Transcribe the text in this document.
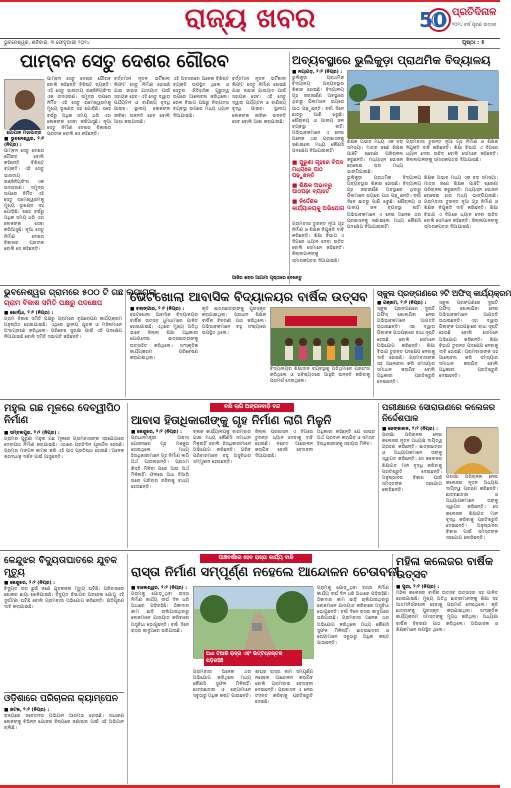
ରାଜ୍ୟ ଖବର	50 ପ୍ରତିଦିନାଳ
୨୦୨୪ ବର୍ଷ ପୂରଣ ଉତ୍ସବ
ଭୁବନେଶ୍ୱର, ଶନିବାର, ୩ ଫେବୃଆରୀ ୨୦୨୪	ପୃଷ୍ଠା : ୫
ପାମ୍ବନ ସେତୁ ଦେଶର ଗୌରବ
ଗୋପାଳ ମହାପାତ୍ର
■ ଭୁବନେଶ୍ୱର, ୨।୨ (ନିପ୍ର) :
ପାମ୍ବନ ସେତୁ ଦେଶର ଗୌରବ ବୋଲି କହିଛନ୍ତି ବିଶିଷ୍ଟ ବ୍ୟକ୍ତି। ଏହି ସେତୁ ଭାରତୀୟ ଇଞ୍ଜିନିୟରିଂର ଏକ ଉଦାହରଣ। ସମୁଦ୍ର ଉପରେ ନିର୍ମିତ ଏହି ସେତୁ ରାମେଶ୍ୱରମକୁ ମୁଖ୍ୟ ଭୂଖଣ୍ଡ ସହ ଯୋଡ଼ିଛି। ଶହେ ବର୍ଷରୁ ଅଧିକ ସମୟ ଧରି ଏହା ଲୋକଙ୍କ ସେବା କରିଆସୁଛି। ନୂଆ ସେତୁ ନିର୍ମାଣ ଦେଶର ବିକାଶର ପ୍ରତୀକ ବୋଲି ସେ କହିଛନ୍ତି।
ପାମ୍ବନ ସେତୁ ଦେଶର ଗୌରବ ବୋଲି କହିଛନ୍ତି ବିଶିଷ୍ଟ ବ୍ୟକ୍ତି। ଏହି ସେତୁ ଭାରତୀୟ ଇଞ୍ଜିନିୟରିଂର ଏକ ଉଦାହରଣ। ସମୁଦ୍ର ଉପରେ ନିର୍ମିତ ଏହି ସେତୁ ରାମେଶ୍ୱରମକୁ ମୁଖ୍ୟ ଭୂଖଣ୍ଡ ସହ ଯୋଡ଼ିଛି। ଶହେ ବର୍ଷରୁ ଅଧିକ ସମୟ ଧରି ଏହା ଲୋକଙ୍କ ସେବା କରିଆସୁଛି। ନୂଆ ସେତୁ ନିର୍ମାଣ ଦେଶର ବିକାଶର ପ୍ରତୀକ ବୋଲି ସେ କହିଛନ୍ତି।
ବର୍ତ୍ତମାନ ନୂତନ ଭର୍ଟିକାଲ ଲିଫ୍ଟ ସେତୁ ନିର୍ମାଣ ହୋଇଛି ଯାହା ଜାହାଜ ଯାତାୟାତ ପାଇଁ ସହାୟକ ହେବ। ଏହି ସେତୁ ଦ୍ୱାରା ପର୍ଯ୍ୟଟନ ଓ ବାଣିଜ୍ୟ ବୃଦ୍ଧି ପାଇବ। ସ୍ଥାନୀୟ ଲୋକଙ୍କ ଜୀବିକା ଉନ୍ନତି ହେବ ବୋଲି ଆଶା କରାଯାଉଛି।
ଏହି ଅବସରରେ ଅନେକ ବିଶିଷ୍ଟ ବ୍ୟକ୍ତି ଉପସ୍ଥିତ ଥିଲେ ଓ ସେତୁର ଐତିହାସିକ ଗୁରୁତ୍ୱ ଉପରେ ଆଲୋଚନା କରିଥିଲେ। ରେଳ ବିଭାଗ ପକ୍ଷରୁ ନିରାପତ୍ତା ବ୍ୟବସ୍ଥା ଉପରେ ମଧ୍ୟ ଧ୍ୟାନ ଦିଆଯାଇଛି।
ବର୍ତ୍ତମାନ ନୂତନ ଭର୍ଟିକାଲ ଲିଫ୍ଟ ସେତୁ ନିର୍ମାଣ ହୋଇଛି ଯାହା ଜାହାଜ ଯାତାୟାତ ପାଇଁ ସହାୟକ ହେବ। ଏହି ସେତୁ ଦ୍ୱାରା ପର୍ଯ୍ୟଟନ ଓ ବାଣିଜ୍ୟ ବୃଦ୍ଧି ପାଇବ। ସ୍ଥାନୀୟ ଲୋକଙ୍କ ଜୀବିକା ଉନ୍ନତି ହେବ ବୋଲି ଆଶା କରାଯାଉଛି।
ଆଜିର ଖବର ଆଗାମୀ ପୃଷ୍ଠାରେ ଦେଖନ୍ତୁ
ଅବ୍ୟବସ୍ଥାରେ ଭୁଲିକୁଡ଼ା ପ୍ରାଥମିକ ବିଦ୍ୟାଳୟ
■ ନୟାଗଡ଼, ୨।୨ (ନିପ୍ର) :
ଭୁଲିକୁଡ଼ା ପ୍ରାଥମିକ ବିଦ୍ୟାଳୟ ଅବ୍ୟବସ୍ଥାର ଶିକାର ହୋଇଛି। ବିଦ୍ୟାଳୟ ଗୃହ ଜରାଜୀର୍ଣ୍ଣ ଅବସ୍ଥାରେ ଥିବାରୁ ପିଲାମାନେ ଭୟରେ ପାଠ ପଢ଼ୁଛନ୍ତି। ବର୍ଷା ଦିନେ ଛାତରୁ ପାଣି ଝରୁଛି। ଶୌଚାଳୟ ଓ ପାନୀୟ ଜଳ ବ୍ୟବସ୍ଥା ନାହିଁ। ଅଭିଭାବକମାନେ ଏ ନେଇ ଅନେକ ଥର ପ୍ରଶାସନକୁ ଜଣାଇଲେ ମଧ୍ୟ କୌଣସି ପଦକ୍ଷେପ ନିଆଯାଇନାହିଁ।
ଶିକ୍ଷକ ଅଭାବ ମଧ୍ୟ ଏକ ବଡ଼ ସମସ୍ୟା। ମାତ୍ର ଜଣେ ଶିକ୍ଷକ ପାଞ୍ଚଟି ଶ୍ରେଣୀ ପରିଚାଳନା କରୁଛନ୍ତି। ମଧ୍ୟାହ୍ନ ଭୋଜନ ରୋଷେଇ ଘର ମଧ୍ୟ ଭାଙ୍ଗିଯାଇଛି।
ଗ୍ରାମବାସୀ ତୁରନ୍ତ ନୂଆ ଗୃହ ନିର୍ମାଣ ଓ ଶିକ୍ଷକ ନିଯୁକ୍ତି ଦାବି କରିଛନ୍ତି। ଶିକ୍ଷା ବିଭାଗ ଏ ଦିଗରେ ଧ୍ୟାନ ଦେବା ଉଚିତ ବୋଲି ସେମାନେ କହିଛନ୍ତି। ଜିଲ୍ଲାପାଳଙ୍କୁ ସ୍ମାରକପତ୍ର ଦିଆଯାଇଛି।
■ ପୁରୁଣା ଗୃହରେ ବିପଦ ମଧ୍ୟରେ ପାଠ ପଢ଼ୁଛନ୍ତି
■ ଶିକ୍ଷକ ଅଭାବରୁ ପାଠପଢ଼ା ବ୍ୟାହତ
■ ନିର୍ଦ୍ଦେଶକ କାର୍ଯ୍ୟାଳୟକୁ ଅଭିଯୋଗ
ଭୁଲିକୁଡ଼ା ପ୍ରାଥମିକ ବିଦ୍ୟାଳୟ ଅବ୍ୟବସ୍ଥାର ଶିକାର ହୋଇଛି। ବିଦ୍ୟାଳୟ ଗୃହ ଜରାଜୀର୍ଣ୍ଣ ଅବସ୍ଥାରେ ଥିବାରୁ ପିଲାମାନେ ଭୟରେ ପାଠ ପଢ଼ୁଛନ୍ତି। ବର୍ଷା ଦିନେ ଛାତରୁ ପାଣି ଝରୁଛି। ଶୌଚାଳୟ ଓ ପାନୀୟ ଜଳ ବ୍ୟବସ୍ଥା ନାହିଁ। ଅଭିଭାବକମାନେ ଏ ନେଇ ଅନେକ ଥର ପ୍ରଶାସନକୁ ଜଣାଇଲେ ମଧ୍ୟ କୌଣସି ପଦକ୍ଷେପ ନିଆଯାଇନାହିଁ।
ଶିକ୍ଷକ ଅଭାବ ମଧ୍ୟ ଏକ ବଡ଼ ସମସ୍ୟା। ମାତ୍ର ଜଣେ ଶିକ୍ଷକ ପାଞ୍ଚଟି ଶ୍ରେଣୀ ପରିଚାଳନା କରୁଛନ୍ତି। ମଧ୍ୟାହ୍ନ ଭୋଜନ ରୋଷେଇ ଘର ମଧ୍ୟ ଭାଙ୍ଗିଯାଇଛି। ଗ୍ରାମବାସୀ ତୁରନ୍ତ ନୂଆ ଗୃହ ନିର୍ମାଣ ଓ ଶିକ୍ଷକ ନିଯୁକ୍ତି ଦାବି କରିଛନ୍ତି। ଶିକ୍ଷା ବିଭାଗ ଏ ଦିଗରେ ଧ୍ୟାନ ଦେବା ଉଚିତ ବୋଲି ସେମାନେ କହିଛନ୍ତି। ଜିଲ୍ଲାପାଳଙ୍କୁ ସ୍ମାରକପତ୍ର ଦିଆଯାଇଛି।
ଗ୍ରାମବାସୀ ତୁରନ୍ତ ନୂଆ ଗୃହ ନିର୍ମାଣ ଓ ଶିକ୍ଷକ ନିଯୁକ୍ତି ଦାବି କରିଛନ୍ତି। ଶିକ୍ଷା ବିଭାଗ ଏ ଦିଗରେ ଧ୍ୟାନ ଦେବା ଉଚିତ ବୋଲି ସେମାନେ କହିଛନ୍ତି। ଜିଲ୍ଲାପାଳଙ୍କୁ ସ୍ମାରକପତ୍ର ଦିଆଯାଇଛି।
ଭୁବନେଶ୍ୱର ଗ୍ରାମରେ ୫୦୦ ଟି ଗଛ ଲଗାଗଲା
ଗ୍ରାମ ବିକାଶ ସମିତି ପକ୍ଷରୁ ପଦକ୍ଷେପ
■ ଖୋର୍ଦ୍ଧା, ୨।୨ (ନିପ୍ର) :
ଗ୍ରାମ ବିକାଶ ସମିତି ପକ୍ଷରୁ ଗ୍ରାମରେ ବୃକ୍ଷରୋପଣ କାର୍ଯ୍ୟକ୍ରମ ଅନୁଷ୍ଠିତ ହୋଇଯାଇଛି। ଏଥିରେ ସ୍ଥାନୀୟ ଯୁବକ ଓ ମହିଳାମାନେ ଅଂଶଗ୍ରହଣ କରିଥିଲେ। ପରିବେଶ ସୁରକ୍ଷା ପାଇଁ ଏହି ପଦକ୍ଷେପ ନିଆଯାଇଛି ବୋଲି ସମିତି ସଭାପତି କହିଛନ୍ତି।
ଭେଟଖୋଲା ଆବାସିକ ବିଦ୍ୟାଳୟର ବାର୍ଷିକ ଉତ୍ସବ
■ ବଲାଙ୍ଗୀର, ୨।୨ (ନିପ୍ର) :
ଭେଟଖୋଲା ଆବାସିକ ବିଦ୍ୟାଳୟର ବାର୍ଷିକ ଉତ୍ସବ ଧୁମଧାମରେ ପାଳିତ ହୋଇଯାଇଛି। ଏଥିରେ ମୁଖ୍ୟ ଅତିଥି ଭାବେ ଜିଲ୍ଲା ଶିକ୍ଷା ଅଧିକାରୀ ଯୋଗଦେଇ ଛାତ୍ରଛାତ୍ରୀଙ୍କୁ ଉତ୍ସାହିତ କରିଥିଲେ। ସାଂସ୍କୃତିକ କାର୍ଯ୍ୟକ୍ରମ ପରିବେଷଣ କରାଯାଇଥିଲା।
କୃତି ଛାତ୍ରଛାତ୍ରୀଙ୍କୁ ପୁରସ୍କୃତ କରାଯାଇଥିଲା। ପ୍ରଧାନ ଶିକ୍ଷକ ବାର୍ଷିକ ବିବରଣୀ ପାଠ କରିଥିଲେ। ଅଭିଭାବକମାନେ ବହୁ ସଂଖ୍ୟାରେ ଉପସ୍ଥିତ ଥିଲେ।
ବିଦ୍ୟାଳୟର ଶିକ୍ଷାଦାନ ବ୍ୟବସ୍ଥାକୁ ଅତିଥିମାନେ ପ୍ରଶଂସା କରିଥିଲେ ଓ ଭବିଷ୍ୟତରେ ଆହୁରି ଉନ୍ନତି କରିବାକୁ ପରାମର୍ଶ ଦେଇଥିଲେ।
ସ୍କୁଲ ପ୍ରଙ୍ଗଣରେ ୨ଟି ଅଫିସ୍ କାର୍ଯ୍ୟକ୍ରମ
■ ଗଞ୍ଜାମ, ୨।୨ (ନିପ୍ର) :
ସ୍କୁଲ ପ୍ରଙ୍ଗଣରେ ଦୁଇଟି ଅଫିସ୍ ଖୋଲାଯିବା ନେଇ ଅଭିଭାବକମାନେ ଆପତ୍ତି ଉଠାଇଛନ୍ତି। ଏହା ଦ୍ୱାରା ପିଲାଙ୍କ ପାଠପଢ଼ାରେ ବାଧା ସୃଷ୍ଟି ହେଉଛି ବୋଲି ସେମାନେ ଅଭିଯୋଗ କରିଛନ୍ତି। ଶିକ୍ଷା ବିଭାଗ ତୁରନ୍ତ ପଦକ୍ଷେପ ନେବାକୁ ଦାବି ହୋଇଛି। ଗ୍ରାମବାସୀଙ୍କ ସହ ଆଲୋଚନା କରି ସମସ୍ୟାର ସମାଧାନ କରାଯିବ ବୋଲି ଅଧିକାରୀ ପ୍ରତିଶ୍ରୁତି ଦେଇଛନ୍ତି।
ସ୍କୁଲ ପ୍ରଙ୍ଗଣରେ ଦୁଇଟି ଅଫିସ୍ ଖୋଲାଯିବା ନେଇ ଅଭିଭାବକମାନେ ଆପତ୍ତି ଉଠାଇଛନ୍ତି। ଏହା ଦ୍ୱାରା ପିଲାଙ୍କ ପାଠପଢ଼ାରେ ବାଧା ସୃଷ୍ଟି ହେଉଛି ବୋଲି ସେମାନେ ଅଭିଯୋଗ କରିଛନ୍ତି। ଶିକ୍ଷା ବିଭାଗ ତୁରନ୍ତ ପଦକ୍ଷେପ ନେବାକୁ ଦାବି ହୋଇଛି। ଗ୍ରାମବାସୀଙ୍କ ସହ ଆଲୋଚନା କରି ସମସ୍ୟାର ସମାଧାନ କରାଯିବ ବୋଲି ଅଧିକାରୀ ପ୍ରତିଶ୍ରୁତି ଦେଇଛନ୍ତି।
ମହୁଲ ଗଛ ମୂଳରେ ଦେବ୍ୱୀପିଠ ନିର୍ମାଣ
■ ସମ୍ବଲପୁର, ୨।୨ (ନିପ୍ର) :
ଗ୍ରାମର ପୁରୁଣା ମହୁଲ ଗଛ ମୂଳରେ ଗ୍ରାମବାସୀଙ୍କ ସହଯୋଗରେ ଦେବୀପୀଠ ନିର୍ମାଣ କରାଯାଇଛି। ଏଠାରେ ପ୍ରତିଦିନ ପୂଜାର୍ଚ୍ଚନା ହେଉଛି। ଗ୍ରାମର ମଙ୍ଗଳ କାମନା କରି ଏହି ପୀଠ ପ୍ରତିଷ୍ଠା ହୋଇଛି। ଅନେକ ଶ୍ରଦ୍ଧାଳୁ ଦର୍ଶନ ପାଇଁ ଆସୁଛନ୍ତି।
ବାସି ଲାଗି ଅଙ୍ଗନବାଡ଼ି ବନ୍ଦ
ଆବାସ ହିତାଧିକାରୀଙ୍କୁ ଗୃହ ନିର୍ମାଣ ଲାଗି ମିଳୁନି
■ କେନ୍ଦୁଝର, ୨।୨ (ନିପ୍ର) :
ପ୍ରଧାନମନ୍ତ୍ରୀ ଆବାସ ଯୋଜନାରେ ଗୃହ ମଞ୍ଜୁର ହୋଇଥିଲେ ମଧ୍ୟ ହିତାଧିକାରୀମାନେ ଗୃହ ନିର୍ମାଣ ଲାଗି ଅର୍ଥ ପାଉନାହାନ୍ତି। ପ୍ରଥମ କିସ୍ତି ମିଳିବା ପରେ ଆଉ ଅର୍ଥ ମିଳିନାହିଁ। ଫଳରେ ଅଧା ତିଆରି ଘରେ ପରିବାର ରହିବାକୁ ବାଧ୍ୟ ହେଉଛନ୍ତି।
ବ୍ଲକ କାର୍ଯ୍ୟାଳୟକୁ ବାରମ୍ବାର ଯାଇ ମଧ୍ୟ କୌଣସି ସମାଧାନ ମିଳୁନାହିଁ ବୋଲି ହିତାଧିକାରୀମାନେ ଅଭିଯୋଗ କରିଛନ୍ତି। ଗରିବ ପରିବାରମାନେ ବହୁ ଅସୁବିଧାର ସମ୍ମୁଖୀନ ହେଉଛନ୍ତି।
ଜିଲ୍ଲା ପ୍ରଶାସନ ଏ ଦିଗରେ ତୁରନ୍ତ ଧ୍ୟାନ ଦେବାକୁ ଦାବି ହୋଇଛି। ନଚେତ ଆନ୍ଦୋଳନ କରାଯିବ ବୋଲି ଚେତାବନୀ ଦିଆଯାଇଛି।
ଅଧିକାରୀ କହିଛନ୍ତି ଯେ ଶୀଘ୍ର ଅର୍ଥ ପ୍ରଦାନ କରାଯିବ ଓ ସମସ୍ତ ହିତାଧିକାରୀଙ୍କୁ ସହାୟତା ମିଳିବ।
ପରୀକ୍ଷାରେ ସୋରାଉଣରେ କଲେଜର ନିର୍ଦ୍ଦେଶପାଳ
■ ଢେଙ୍କାନାଳ, ୨।୨ (ନିପ୍ର) :
ପରୀକ୍ଷା ପରିଚାଳନା ନେଇ କଲେଜର ନୂତନ ଅଧ୍ୟକ୍ଷ ଦାୟିତ୍ୱ ଗ୍ରହଣ କରିଛନ୍ତି। ଛାତ୍ରଛାତ୍ରୀ ଓ ଅଧ୍ୟାପକମାନେ ତାଙ୍କୁ ସ୍ୱାଗତ କରିଛନ୍ତି। ସେ କଲେଜର ଶିକ୍ଷାଗତ ମାନ ବୃଦ୍ଧି କରିବାକୁ ପ୍ରତିଶ୍ରୁତି ଦେଇଛନ୍ତି। ଅନୁଷ୍ଠାନର ବିକାଶ ପାଇଁ ସମସ୍ତଙ୍କ ସହଯୋଗ ଲୋଡ଼ିଛନ୍ତି।
ପରୀକ୍ଷା ପରିଚାଳନା ନେଇ କଲେଜର ନୂତନ ଅଧ୍ୟକ୍ଷ ଦାୟିତ୍ୱ ଗ୍ରହଣ କରିଛନ୍ତି। ଛାତ୍ରଛାତ୍ରୀ ଓ ଅଧ୍ୟାପକମାନେ ତାଙ୍କୁ ସ୍ୱାଗତ କରିଛନ୍ତି। ସେ କଲେଜର ଶିକ୍ଷାଗତ ମାନ ବୃଦ୍ଧି କରିବାକୁ ପ୍ରତିଶ୍ରୁତି ଦେଇଛନ୍ତି। ଅନୁଷ୍ଠାନର ବିକାଶ ପାଇଁ ସମସ୍ତଙ୍କ ସହଯୋଗ ଲୋଡ଼ିଛନ୍ତି।
ପାଞ୍ଚବର୍ଷରେ ହେବ ରାସ୍ତା କାର୍ଯ୍ୟ ବାକି
ରାସ୍ତା ନିର୍ମାଣ ସମ୍ପୂର୍ଣ୍ଣ ନହେଲେ ଆନ୍ଦୋଳନ ଚେତାବନୀ
■ ବାଲେଶ୍ୱର, ୨।୨ (ନିପ୍ର) :
ଗ୍ରାମକୁ ଯୋଡ଼ୁଥିବା ରାସ୍ତା ନିର୍ମାଣ କାର୍ଯ୍ୟ ଦୀର୍ଘ ଦିନ ଧରି ଅଧାରେ ପଡ଼ିରହିଛି। ଠିକାଦାର କାମ ଛାଡ଼ି ଚାଲିଯାଇଥିବାରୁ ଲୋକମାନେ ଯାତାୟାତ କରିବାରେ ଅସୁବିଧା ଭୋଗୁଛନ୍ତି। ବର୍ଷା ଦିନେ ରାସ୍ତା କାଦୁଅରେ ଭରିଯାଉଛି।
ଅଧା ତିଆରି ରାସ୍ତା ଏବଂ ଭିତ୍ତିପ୍ରସ୍ତର ପଡ଼ିରହିଛି
ଗ୍ରାମବାସୀ ଅନେକ ଥର ଅଭିଯୋଗ କରିଥିଲେ ମଧ୍ୟ କୌଣସି ସୁଫଳ ମିଳିନାହିଁ। ଛାତ୍ରଛାତ୍ରୀ ଓ ରୋଗୀମାନେ ସବୁଠାରୁ ଅଧିକ କଷ୍ଟ ପାଉଛନ୍ତି।
ଶୀଘ୍ର ରାସ୍ତା କାମ ସମ୍ପୂର୍ଣ୍ଣ ନହେଲେ ଆନ୍ଦୋଳନ କରାଯିବ ବୋଲି ଗ୍ରାମବାସୀ ଚେତାବନୀ ଦେଇଛନ୍ତି। ପ୍ରଶାସନ ଏ ନେଇ ତଦନ୍ତ କରିବାକୁ ପ୍ରତିଶ୍ରୁତି ଦେଇଛି।
ଗ୍ରାମକୁ ଯୋଡ଼ୁଥିବା ରାସ୍ତା ନିର୍ମାଣ କାର୍ଯ୍ୟ ଦୀର୍ଘ ଦିନ ଧରି ଅଧାରେ ପଡ଼ିରହିଛି। ଠିକାଦାର କାମ ଛାଡ଼ି ଚାଲିଯାଇଥିବାରୁ ଲୋକମାନେ ଯାତାୟାତ କରିବାରେ ଅସୁବିଧା ଭୋଗୁଛନ୍ତି। ବର୍ଷା ଦିନେ ରାସ୍ତା କାଦୁଅରେ ଭରିଯାଉଛି। ଗ୍ରାମବାସୀ ଅନେକ ଥର ଅଭିଯୋଗ କରିଥିଲେ ମଧ୍ୟ କୌଣସି ସୁଫଳ ମିଳିନାହିଁ। ଛାତ୍ରଛାତ୍ରୀ ଓ ରୋଗୀମାନେ ସବୁଠାରୁ ଅଧିକ କଷ୍ଟ ପାଉଛନ୍ତି।
କେନ୍ଦୁଝର ବିଦ୍ୟୁତାଘାତରେ ଯୁବକ ମୃତ୍ୟୁ
■ କେନ୍ଦୁଝର, ୨।୨ (ନିପ୍ର) :
ବିଦ୍ୟୁତ ତାର ଛୁଇଁ ଜଣେ ଯୁବକଙ୍କ ମୃତ୍ୟୁ ଘଟିଛି। ପରିବାରରେ ଶୋକର ଛାୟା ଖେଳିଯାଇଛି। ବିଦ୍ୟୁତ ବିଭାଗର ଅବହେଳା ଯୋଗୁ ଏହି ଦୁର୍ଘଟଣା ଘଟିଛି ବୋଲି ଗ୍ରାମବାସୀ ଅଭିଯୋଗ କରିଛନ୍ତି। କ୍ଷତିପୂରଣ ଦାବି କରାଯାଇଛି।
ଓଡ଼ିଶାରେ ପରିଚାଳନା କ୍ୟାମ୍ପେନ
■ କଟକ, ୨।୨ (ନିପ୍ର) :
ରାଜ୍ୟରେ ସଚେତନତା ଅଭିଯାନ ଆରମ୍ଭ ହୋଇଛି। ସାଧାରଣ ଲୋକଙ୍କୁ ବିଭିନ୍ନ ଯୋଜନା ବିଷୟରେ ଜଣାଇବା ପାଇଁ ଏହି ଅଭିଯାନ ଚାଲିଛି।
ମହିଳା କଲେଜର ବାର୍ଷିକ ଉତ୍ସବ
■ ପୁରୀ, ୨।୨ (ନିପ୍ର) :
ମହିଳା କଲେଜର ବାର୍ଷିକ ଉତ୍ସବ ଉତ୍ସାହର ସହ ପାଳିତ ହୋଇଯାଇଛି। ମୁଖ୍ୟ ଅତିଥି ଛାତ୍ରୀମାନଙ୍କୁ ଶିକ୍ଷା ସହ ଆତ୍ମନିର୍ଭରଶୀଳ ହେବାକୁ ପରାମର୍ଶ ଦେଇଥିଲେ। କୃତି ଛାତ୍ରୀଙ୍କୁ ପୁରସ୍କୃତ କରାଯାଇଥିଲା। ସାଂସ୍କୃତିକ କାର୍ଯ୍ୟକ୍ରମ ସମସ୍ତଙ୍କୁ ମୁଗ୍ଧ କରିଥିଲା। ଅଧ୍ୟକ୍ଷା ବାର୍ଷିକ ବିବରଣୀ ପାଠ କରିଥିଲେ। ଅଭିଭାବକ ଓ ଶିକ୍ଷକମାନେ ଉପସ୍ଥିତ ଥିଲେ।
